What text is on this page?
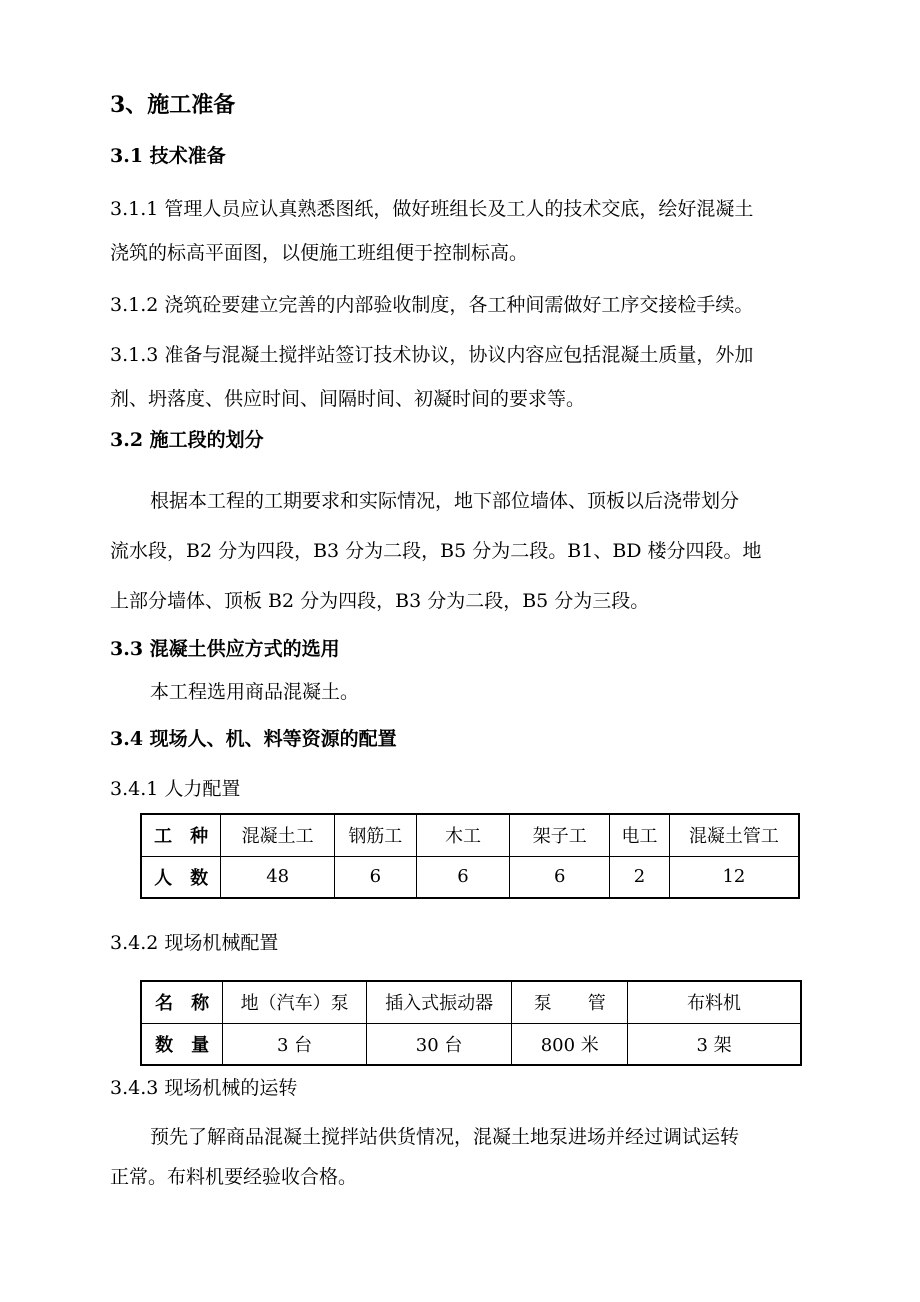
3、施工准备
3.1 技术准备
3.1.1 管理人员应认真熟悉图纸，做好班组长及工人的技术交底，绘好混凝土
浇筑的标高平面图，以便施工班组便于控制标高。
3.1.2 浇筑砼要建立完善的内部验收制度，各工种间需做好工序交接检手续。
3.1.3 准备与混凝土搅拌站签订技术协议，协议内容应包括混凝土质量，外加
剂、坍落度、供应时间、间隔时间、初凝时间的要求等。
3.2 施工段的划分
根据本工程的工期要求和实际情况，地下部位墙体、顶板以后浇带划分
流水段，B2 分为四段，B3 分为二段，B5 分为二段。B1、BD 楼分四段。地
上部分墙体、顶板 B2 分为四段，B3 分为二段，B5 分为三段。
3.3 混凝土供应方式的选用
本工程选用商品混凝土。
3.4 现场人、机、料等资源的配置
3.4.1 人力配置
工　种	混凝土工	钢筋工	木工	架子工	电工	混凝土管工
人　数	48	6	6	6	2	12
3.4.2 现场机械配置
名　称	地（汽车）泵	插入式振动器	泵　　管	布料机
数　量	3 台	30 台	800 米	3 架
3.4.3 现场机械的运转
预先了解商品混凝土搅拌站供货情况，混凝土地泵进场并经过调试运转
正常。布料机要经验收合格。
